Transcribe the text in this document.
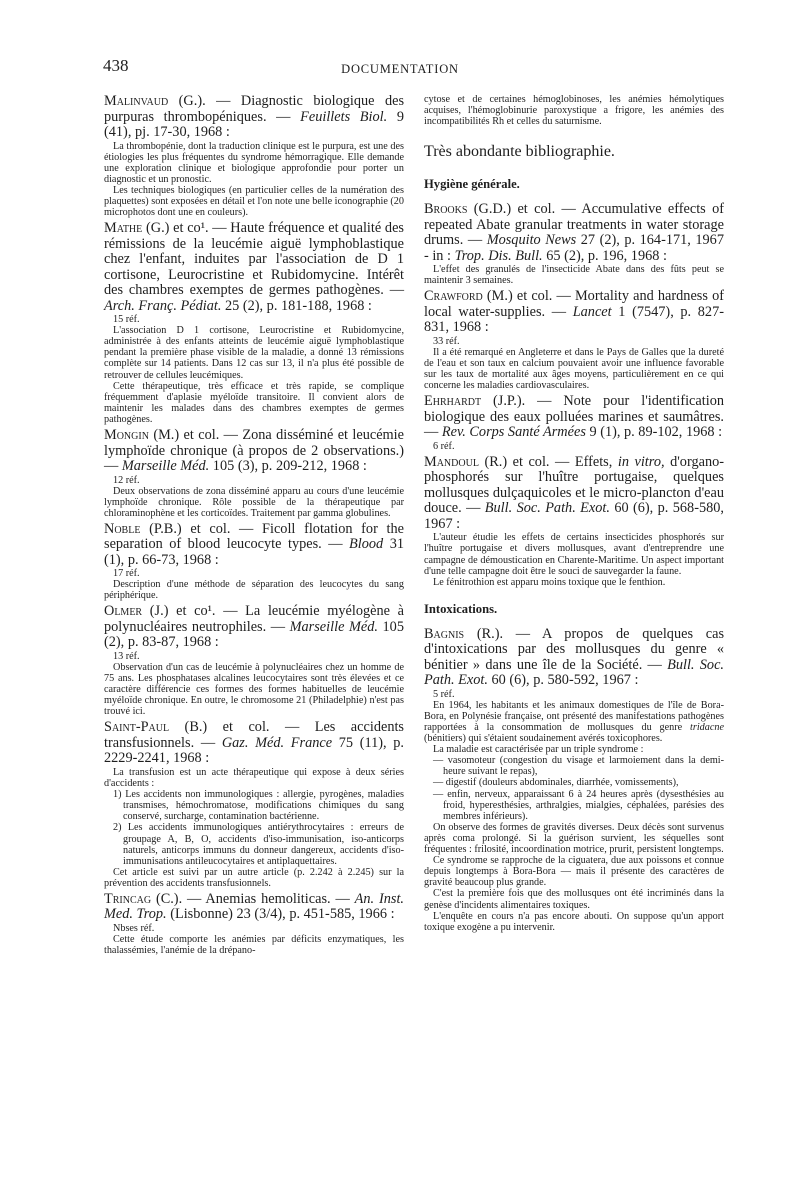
438	DOCUMENTATION

Malinvaud (G.). — Diagnostic biologique des purpuras thrombopéniques. — Feuillets Biol. 9 (41), pj. 17-30, 1968 :

La thrombopénie, dont la traduction clinique est le purpura, est une des étiologies les plus fréquentes du syndrome hémorragique. Elle demande une exploration clinique et biologique approfondie pour porter un diagnostic et un pronostic.

Les techniques biologiques (en particulier celles de la numération des plaquettes) sont exposées en détail et l'on note une belle iconographie (20 microphotos dont une en couleurs).

Mathe (G.) et co¹. — Haute fréquence et qualité des rémissions de la leucémie aiguë lymphoblastique chez l'enfant, induites par l'association de D 1 cortisone, Leurocristine et Rubidomycine. Intérêt des chambres exemptes de germes pathogènes. — Arch. Franç. Pédiat. 25 (2), p. 181-188, 1968 :

15 réf.

L'association D 1 cortisone, Leurocristine et Rubidomycine, administrée à des enfants atteints de leucémie aiguë lymphoblastique pendant la première phase visible de la maladie, a donné 13 rémissions complète sur 14 patients. Dans 12 cas sur 13, il n'a plus été possible de retrouver de cellules leucémiques.

Cette thérapeutique, très efficace et très rapide, se complique fréquemment d'aplasie myéloïde transitoire. Il convient alors de maintenir les malades dans des chambres exemptes de germes pathogènes.

Mongin (M.) et col. — Zona disséminé et leucémie lymphoïde chronique (à propos de 2 observations.) — Marseille Méd. 105 (3), p. 209-212, 1968 :

12 réf.

Deux observations de zona disséminé apparu au cours d'une leucémie lymphoïde chronique. Rôle possible de la thérapeutique par chloraminophène et les corticoïdes. Traitement par gamma globulines.

Noble (P.B.) et col. — Ficoll flotation for the separation of blood leucocyte types. — Blood 31 (1), p. 66-73, 1968 :

17 réf.

Description d'une méthode de séparation des leucocytes du sang périphérique.

Olmer (J.) et co¹. — La leucémie myélogène à polynucléaires neutrophiles. — Marseille Méd. 105 (2), p. 83-87, 1968 :

13 réf.

Observation d'un cas de leucémie à polynucléaires chez un homme de 75 ans. Les phosphatases alcalines leucocytaires sont très élevées et ce caractère différencie ces formes des formes habituelles de leucémie myéloïde chronique. En outre, le chromosome 21 (Philadelphie) n'est pas trouvé ici.

Saint-Paul (B.) et col. — Les accidents transfusionnels. — Gaz. Méd. France 75 (11), p. 2229-2241, 1968 :

La transfusion est un acte thérapeutique qui expose à deux séries d'accidents :

1) Les accidents non immunologiques : allergie, pyrogènes, maladies transmises, hémochromatose, modifications chimiques du sang conservé, surcharge, contamination bactérienne.
2) Les accidents immunologiques antiérythrocytaires : erreurs de groupage A, B, O, accidents d'iso-immunisation, iso-anticorps naturels, anticorps immuns du donneur dangereux, accidents d'iso-immunisations antileucocytaires et antiplaquettaires.

Cet article est suivi par un autre article (p. 2.242 à 2.245) sur la prévention des accidents transfusionnels.

Trincag (C.). — Anemias hemoliticas. — An. Inst. Med. Trop. (Lisbonne) 23 (3/4), p. 451-585, 1966 :

Nbses réf.

Cette étude comporte les anémies par déficits enzymatiques, les thalassémies, l'anémie de la drépano-

cytose et de certaines hémoglobinoses, les anémies hémolytiques acquises, l'hémoglobinurie paroxystique a frigore, les anémies des incompatibilités Rh et celles du saturnisme.

Très abondante bibliographie.

Hygiène générale.

Brooks (G.D.) et col. — Accumulative effects of repeated Abate granular treatments in water storage drums. — Mosquito News 27 (2), p. 164-171, 1967 - in : Trop. Dis. Bull. 65 (2), p. 196, 1968 :

L'effet des granulés de l'insecticide Abate dans des fûts peut se maintenir 3 semaines.

Crawford (M.) et col. — Mortality and hardness of local water-supplies. — Lancet 1 (7547), p. 827-831, 1968 :

33 réf.

Il a été remarqué en Angleterre et dans le Pays de Galles que la dureté de l'eau et son taux en calcium pouvaient avoir une influence favorable sur les taux de mortalité aux âges moyens, particulièrement en ce qui concerne les maladies cardiovasculaires.

Ehrhardt (J.P.). — Note pour l'identification biologique des eaux polluées marines et saumâtres. — Rev. Corps Santé Armées 9 (1), p. 89-102, 1968 :

6 réf.

Mandoul (R.) et col. — Effets, in vitro, d'organo-phosphorés sur l'huître portugaise, quelques mollusques dulçaquicoles et le micro-plancton d'eau douce. — Bull. Soc. Path. Exot. 60 (6), p. 568-580, 1967 :

L'auteur étudie les effets de certains insecticides phosphorés sur l'huître portugaise et divers mollusques, avant d'entreprendre une campagne de démoustication en Charente-Maritime. Un aspect important d'une telle campagne doit être le souci de sauvegarder la faune.

Le fénitrothion est apparu moins toxique que le fenthion.

Intoxications.

Bagnis (R.). — A propos de quelques cas d'intoxications par des mollusques du genre « bénitier » dans une île de la Société. — Bull. Soc. Path. Exot. 60 (6), p. 580-592, 1967 :

5 réf.

En 1964, les habitants et les animaux domestiques de l'île de Bora-Bora, en Polynésie française, ont présenté des manifestations pathogènes rapportées à la consommation de mollusques du genre tridacne (bénitiers) qui s'étaient soudainement avérés toxicophores.

La maladie est caractérisée par un triple syndrome :

— vasomoteur (congestion du visage et larmoiement dans la demi-heure suivant le repas),
— digestif (douleurs abdominales, diarrhée, vomissements),
— enfin, nerveux, apparaissant 6 à 24 heures après (dysesthésies au froid, hyperesthésies, arthralgies, mialgies, céphalées, parésies des membres inférieurs).

On observe des formes de gravités diverses. Deux décès sont survenus après coma prolongé. Si la guérison survient, les séquelles sont fréquentes : frilosité, incoordination motrice, prurit, persistent longtemps.

Ce syndrome se rapproche de la ciguatera, due aux poissons et connue depuis longtemps à Bora-Bora — mais il présente des caractères de gravité beaucoup plus grande.

C'est la première fois que des mollusques ont été incriminés dans la genèse d'incidents alimentaires toxiques.

L'enquête en cours n'a pas encore abouti. On suppose qu'un apport toxique exogène a pu intervenir.
